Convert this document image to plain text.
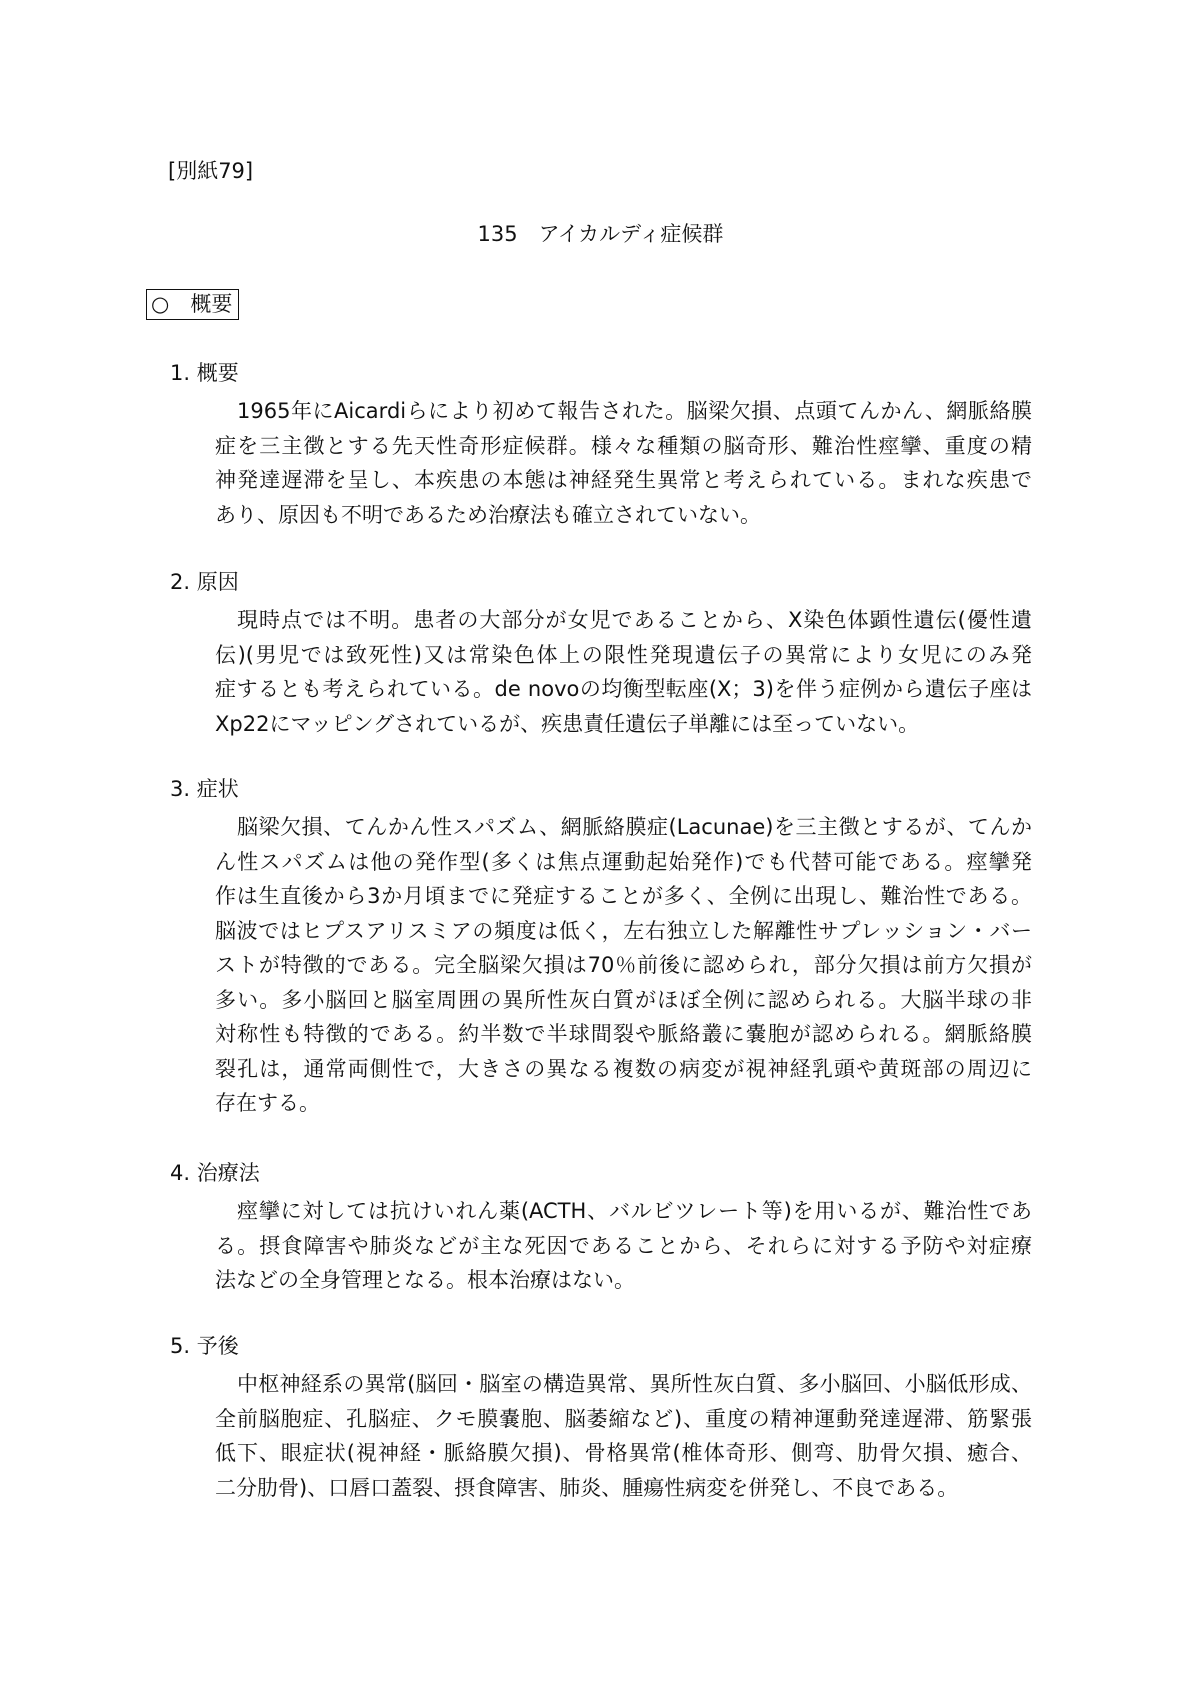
[別紙79]
135　アイカルディ症候群
○　概要
1. 概要
1965年にAicardiらにより初めて報告された。脳梁欠損、点頭てんかん、網脈絡膜
症を三主徴とする先天性奇形症候群。様々な種類の脳奇形、難治性痙攣、重度の精
神発達遅滞を呈し、本疾患の本態は神経発生異常と考えられている。まれな疾患で
あり、原因も不明であるため治療法も確立されていない。
2. 原因
現時点では不明。患者の大部分が女児であることから、X染色体顕性遺伝(優性遺
伝)(男児では致死性)又は常染色体上の限性発現遺伝子の異常により女児にのみ発
症するとも考えられている。de novoの均衡型転座(X；3)を伴う症例から遺伝子座は
Xp22にマッピングされているが、疾患責任遺伝子単離には至っていない。
3. 症状
脳梁欠損、てんかん性スパズム、網脈絡膜症(Lacunae)を三主徴とするが、てんか
ん性スパズムは他の発作型(多くは焦点運動起始発作)でも代替可能である。痙攣発
作は生直後から3か月頃までに発症することが多く、全例に出現し、難治性である。
脳波ではヒプスアリスミアの頻度は低く，左右独立した解離性サプレッション・バー
ストが特徴的である。完全脳梁欠損は70％前後に認められ，部分欠損は前方欠損が
多い。多小脳回と脳室周囲の異所性灰白質がほぼ全例に認められる。大脳半球の非
対称性も特徴的である。約半数で半球間裂や脈絡叢に嚢胞が認められる。網脈絡膜
裂孔は，通常両側性で，大きさの異なる複数の病変が視神経乳頭や黄斑部の周辺に
存在する。
4. 治療法
痙攣に対しては抗けいれん薬(ACTH、バルビツレート等)を用いるが、難治性であ
る。摂食障害や肺炎などが主な死因であることから、それらに対する予防や対症療
法などの全身管理となる。根本治療はない。
5. 予後
中枢神経系の異常(脳回・脳室の構造異常、異所性灰白質、多小脳回、小脳低形成、
全前脳胞症、孔脳症、クモ膜嚢胞、脳萎縮など)、重度の精神運動発達遅滞、筋緊張
低下、眼症状(視神経・脈絡膜欠損)、骨格異常(椎体奇形、側弯、肋骨欠損、癒合、
二分肋骨)、口唇口蓋裂、摂食障害、肺炎、腫瘍性病変を併発し、不良である。
